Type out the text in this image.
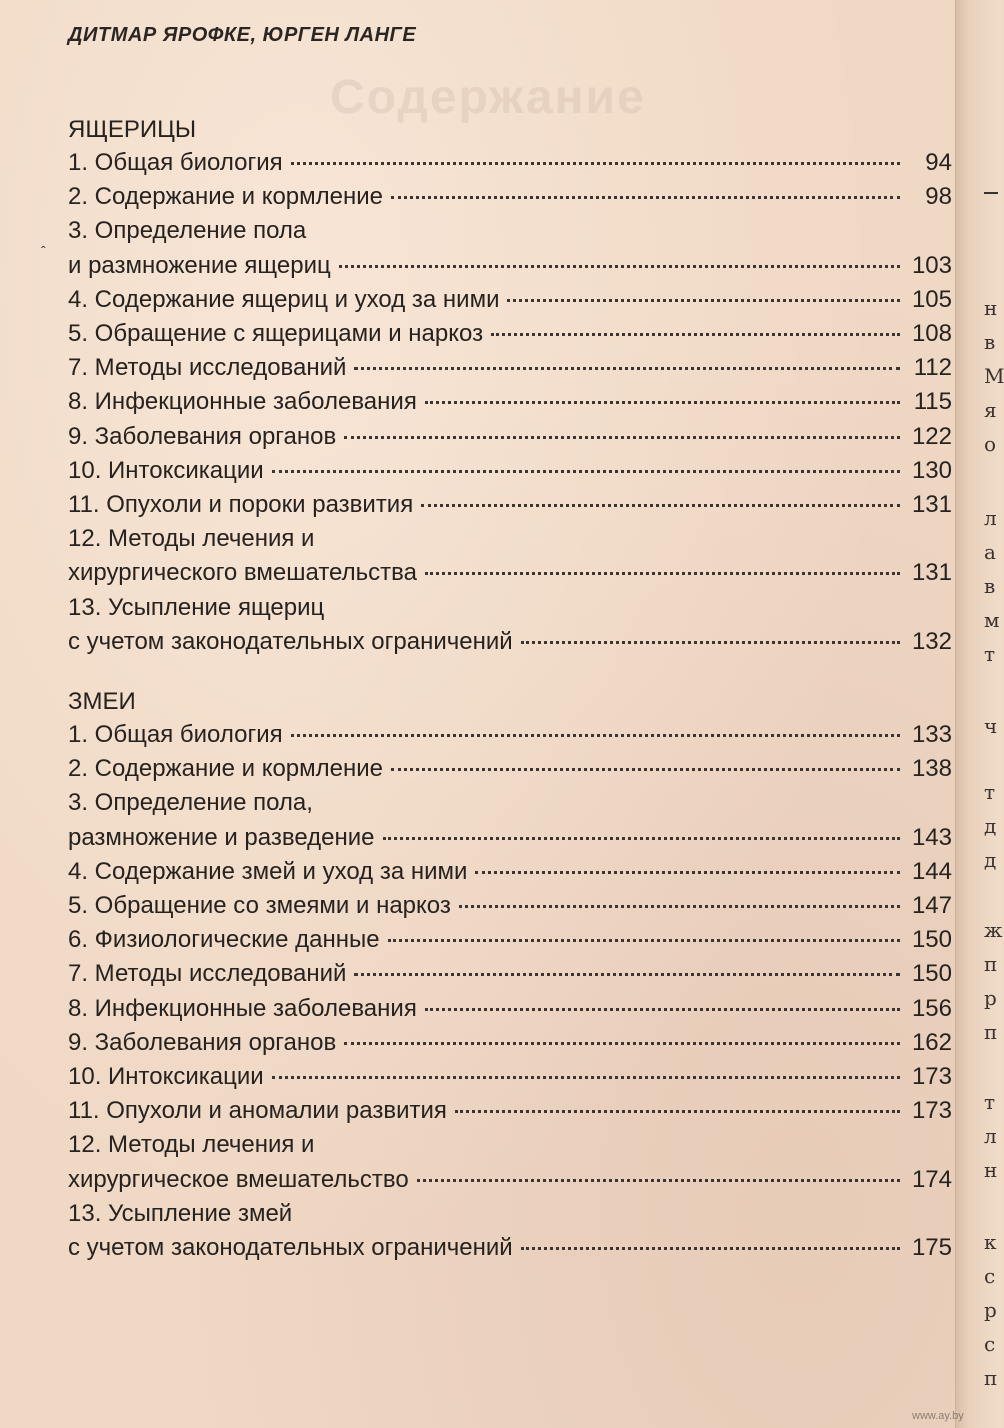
Содержание
ДИТМАР ЯРОФКЕ, ЮРГЕН ЛАНГЕ
ˆ
ЯЩЕРИЦЫ
1. Общая биология	94
2. Содержание и кормление	98
3. Определение пола
и размножение ящериц	103
4. Содержание ящериц и уход за ними	105
5. Обращение с ящерицами и наркоз	108
7. Методы исследований	112
8. Инфекционные заболевания	115
9. Заболевания органов	122
10. Интоксикации	130
11. Опухоли и пороки развития	131
12. Методы лечения и
хирургического вмешательства	131
13. Усыпление ящериц
с учетом законодательных ограничений	132
ЗМЕИ
1. Общая биология	133
2. Содержание и кормление	138
3. Определение пола,
размножение и разведение	143
4. Содержание змей и уход за ними	144
5. Обращение со змеями и наркоз	147
6. Физиологические данные	150
7. Методы исследований	150
8. Инфекционные заболевания	156
9. Заболевания органов	162
10. Интоксикации	173
11. Опухоли и аномалии развития	173
12. Методы лечения и
хирургическое вмешательство	174
13. Усыпление змей
с учетом законодательных ограничений	175
н
в
М
я
о
л
а
в
м
т
ч
т
д
д
ж
п
р
п
т
л
н
к
с
р
с
п
www.ay.by
